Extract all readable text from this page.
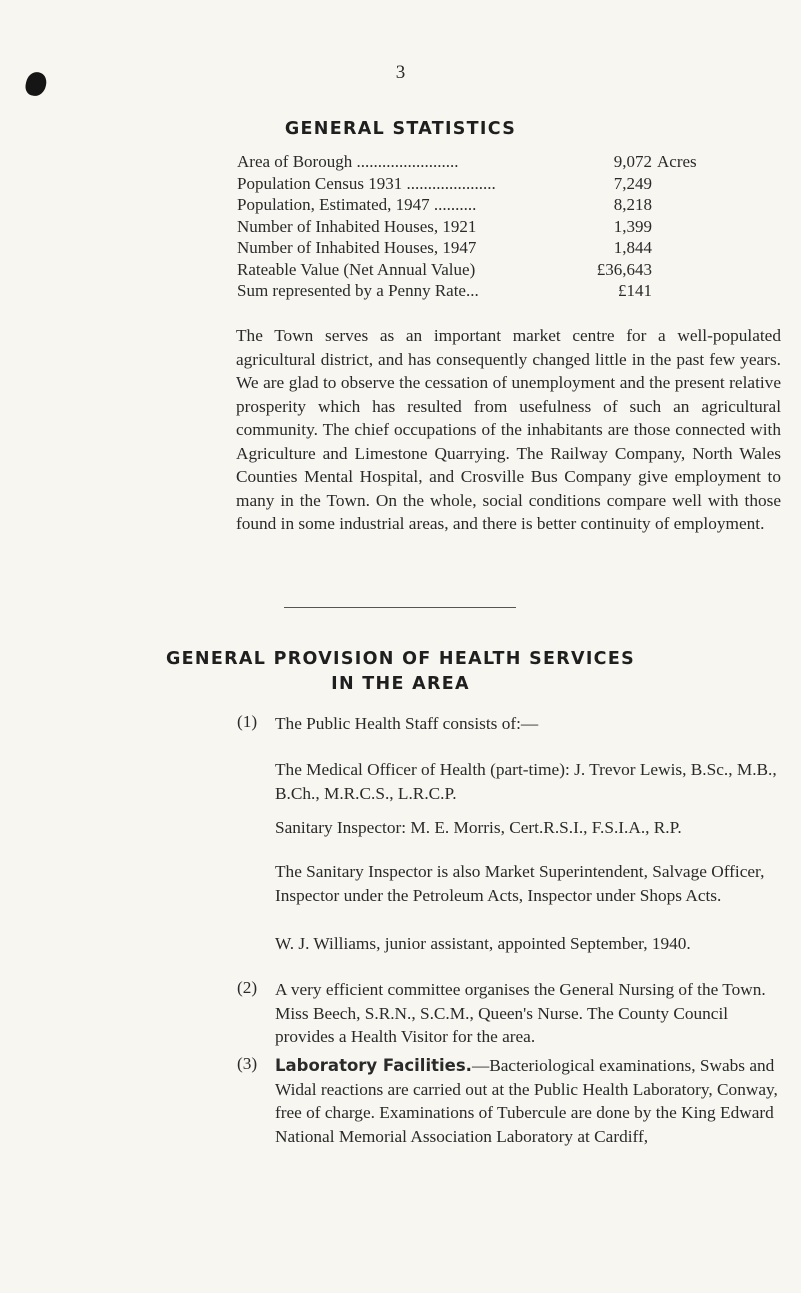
3
GENERAL STATISTICS
Area of Borough ........................	9,072 Acres
Population Census 1931 .....................	7,249
Population, Estimated, 1947 ..........	8,218
Number of Inhabited Houses, 1921	1,399
Number of Inhabited Houses, 1947	1,844
Rateable Value (Net Annual Value)	£36,643
Sum represented by a Penny Rate...	£141

The Town serves as an important market centre for a well-populated agricultural district, and has consequently changed little in the past few years. We are glad to observe the cessation of unemployment and the present relative prosperity which has resulted from usefulness of such an agricultural community. The chief occupations of the inhabitants are those connected with Agriculture and Limestone Quarrying. The Railway Company, North Wales Counties Mental Hospital, and Crosville Bus Company give employment to many in the Town. On the whole, social conditions compare well with those found in some industrial areas, and there is better continuity of employment.

GENERAL PROVISION OF HEALTH SERVICES
IN THE AREA
(1) The Public Health Staff consists of:—

The Medical Officer of Health (part-time): J. Trevor Lewis, B.Sc., M.B., B.Ch., M.R.C.S., L.R.C.P.

Sanitary Inspector: M. E. Morris, Cert.R.S.I., F.S.I.A., R.P.

The Sanitary Inspector is also Market Superintendent, Salvage Officer, Inspector under the Petroleum Acts, Inspector under Shops Acts.

W. J. Williams, junior assistant, appointed September, 1940.

(2) A very efficient committee organises the General Nursing of the Town. Miss Beech, S.R.N., S.C.M., Queen's Nurse. The County Council provides a Health Visitor for the area.

(3) Laboratory Facilities.—Bacteriological examinations, Swabs and Widal reactions are carried out at the Public Health Laboratory, Conway, free of charge. Examinations of Tubercule are done by the King Edward National Memorial Association Laboratory at Cardiff,
